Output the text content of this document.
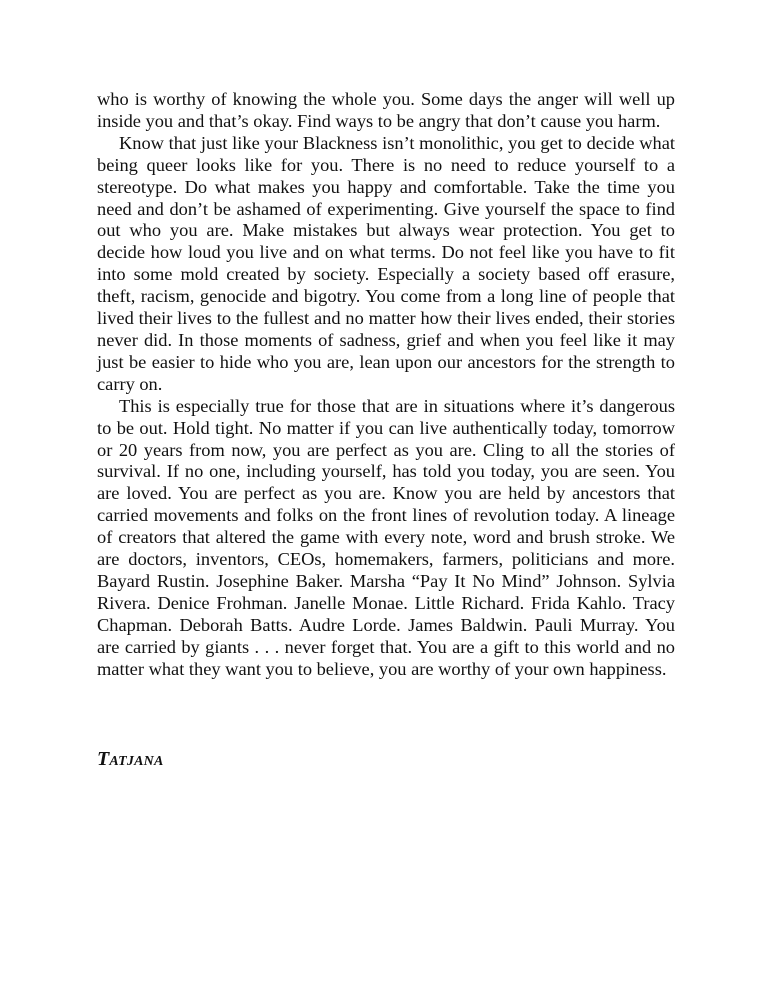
who is worthy of knowing the whole you. Some days the anger will well up inside you and that’s okay. Find ways to be angry that don’t cause you harm.

Know that just like your Blackness isn’t monolithic, you get to decide what being queer looks like for you. There is no need to reduce yourself to a stereotype. Do what makes you happy and comfortable. Take the time you need and don’t be ashamed of experimenting. Give yourself the space to find out who you are. Make mistakes but always wear protection. You get to decide how loud you live and on what terms. Do not feel like you have to fit into some mold created by society. Especially a society based off erasure, theft, racism, genocide and bigotry. You come from a long line of people that lived their lives to the fullest and no matter how their lives ended, their stories never did. In those moments of sadness, grief and when you feel like it may just be easier to hide who you are, lean upon our ancestors for the strength to carry on.

This is especially true for those that are in situations where it’s dangerous to be out. Hold tight. No matter if you can live authentically today, tomorrow or 20 years from now, you are perfect as you are. Cling to all the stories of survival. If no one, including yourself, has told you today, you are seen. You are loved. You are perfect as you are. Know you are held by ancestors that carried movements and folks on the front lines of revolution today. A lineage of creators that altered the game with every note, word and brush stroke. We are doctors, inventors, CEOs, homemakers, farmers, politicians and more. Bayard Rustin. Josephine Baker. Marsha “Pay It No Mind” Johnson. Sylvia Rivera. Denice Frohman. Janelle Monae. Little Richard. Frida Kahlo. Tracy Chapman. Deborah Batts. Audre Lorde. James Baldwin. Pauli Murray. You are carried by giants . . . never forget that. You are a gift to this world and no matter what they want you to believe, you are worthy of your own happiness.

Tatjana
